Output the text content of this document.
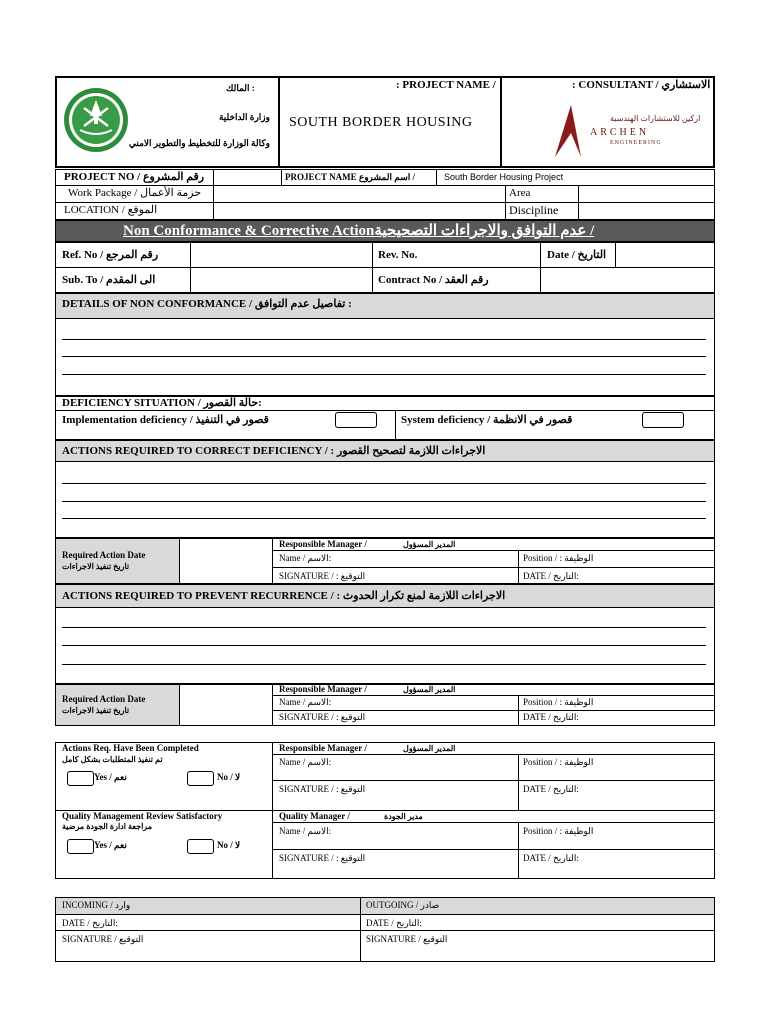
: المالك
وزارة الداخلية
وكالة الوزارة للتخطيط والتطوير الامني
: PROJECT NAME /
SOUTH BORDER HOUSING
: CONSULTANT / الاستشاري
ARCHEN
ENGINEERING
اركين للاستشارات الهندسية
PROJECT NO / رقم المشروع	PROJECT NAME اسم المشروع /	South Border Housing Project
Work Package / حزمة الأعمال	Area
LOCATION / الموقع	Discipline
Non Conformance & Corrective Actionعدم التوافق والاجراءات التصحيحية /
Ref. No / رقم المرجع	Rev. No.	Date / التاريخ
Sub. To / الى المقدم	Contract No / رقم العقد
DETAILS OF NON CONFORMANCE / تفاصيل عدم التوافق :
DEFICIENCY SITUATION / حالة القصور:
Implementation deficiency / قصور في التنفيذ	System deficiency / قصور في الانظمة
ACTIONS REQUIRED TO CORRECT DEFICIENCY / : الاجراءات اللازمة لتصحيح القصور
Required Action Date
تاريخ تنفيذ الاجراءات
Responsible Manager /	المدير المسؤول
Name / الاسم:	Position / : الوظيفة
SIGNATURE / : التوقيع	DATE / التاريخ:
ACTIONS REQUIRED TO PREVENT RECURRENCE / : الاجراءات اللازمة لمنع تكرار الحدوث
Required Action Date
تاريخ تنفيذ الاجراءات
Responsible Manager /	المدير المسؤول
Name / الاسم:	Position / : الوظيفة
SIGNATURE / : التوقيع	DATE / التاريخ:
Actions Req. Have Been Completed
تم تنفيذ المتطلبات بشكل كامل
Yes / نعم	No / لا
Responsible Manager /	المدير المسؤول
Name / الاسم:	Position / : الوظيفة
SIGNATURE / : التوقيع	DATE / التاريخ:
Quality Management Review Satisfactory
مراجعة ادارة الجودة مرضية
Yes / نعم	No / لا
Quality Manager /	مدير الجودة
Name / الاسم:	Position / : الوظيفة
SIGNATURE / : التوقيع	DATE / التاريخ:
INCOMING / وارد	OUTGOING / صادر
DATE / التاريخ:	DATE / التاريخ:
SIGNATURE / التوقيع	SIGNATURE / التوقيع
